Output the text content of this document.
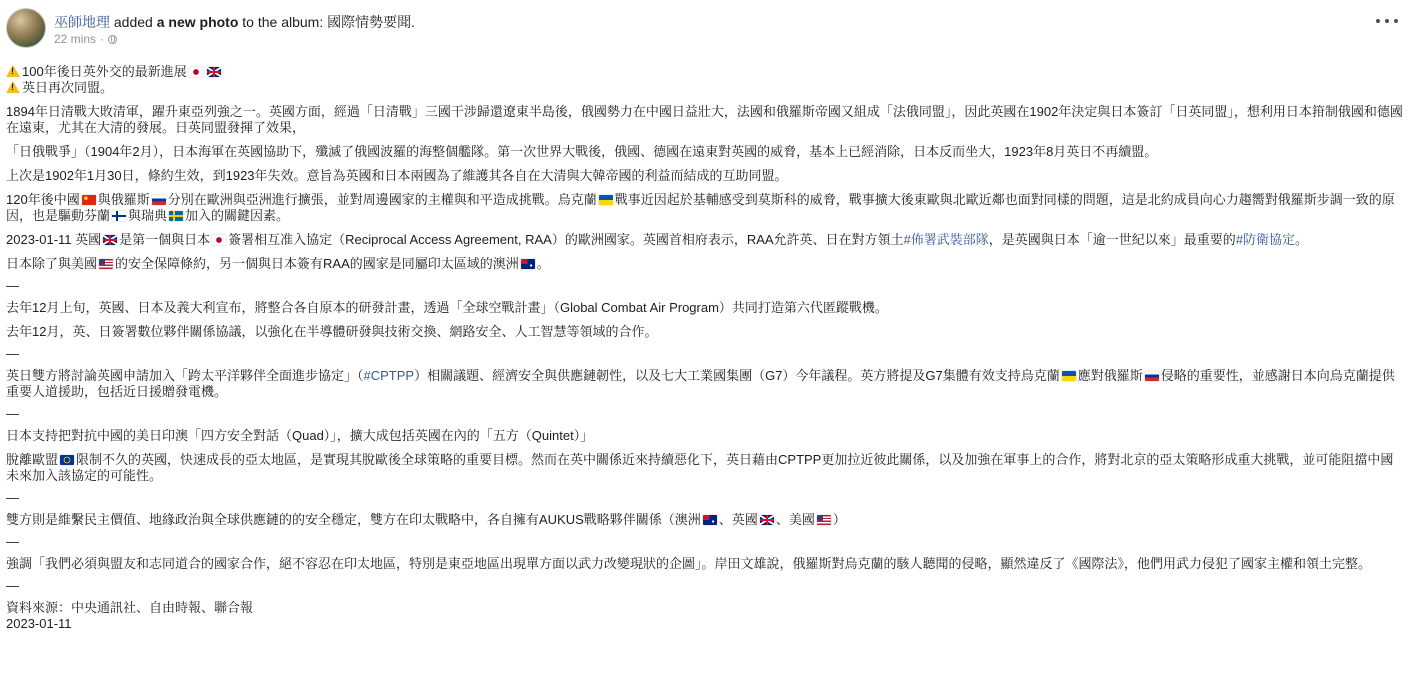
巫師地理 added a new photo to the album: 國際情勢要聞.
22 mins ·

!100年後日英外交的最新進展

!英日再次同盟。

1894年日清戰大敗清軍，躍升東亞列強之一。英國方面，經過「日清戰」三國干涉歸還遼東半島後，俄國勢力在中國日益壯大，法國和俄羅斯帝國又組成「法俄同盟」，因此英國在1902年決定與日本簽訂「日英同盟」，想利用日本箝制俄國和德國在遠東，尤其在大清的發展。日英同盟發揮了效果，

「日俄戰爭」（1904年2月），日本海軍在英國協助下，殲滅了俄國波羅的海整個艦隊。第一次世界大戰後，俄國、德國在遠東對英國的威脅，基本上已經消除，日本反而坐大，1923年8月英日不再續盟。

上次是1902年1月30日，條約生效，到1923年失效。意旨為英國和日本兩國為了維護其各自在大清與大韓帝國的利益而結成的互助同盟。

120年後中國 與俄羅斯 分別在歐洲與亞洲進行擴張，並對周邊國家的主權與和平造成挑戰。烏克蘭 戰事近因起於基輔感受到莫斯科的威脅，戰事擴大後東歐與北歐近鄰也面對同樣的問題，這是北約成員向心力趨嚮對俄羅斯步調一致的原因，也是驅動芬蘭 與瑞典 加入的關鍵因素。

2023-01-11 英國 是第一個與日本 簽署相互准入協定（Reciprocal Access Agreement, RAA）的歐洲國家。英國首相府表示，RAA允許英、日在對方領土#佈署武裝部隊，是英國與日本「逾一世紀以來」最重要的#防衛協定。

日本除了與美國 的安全保障條約，另一個與日本簽有RAA的國家是同屬印太區域的澳洲 。

—

去年12月上旬，英國、日本及義大利宣布，將整合各自原本的研發計畫，透過「全球空戰計畫」（Global Combat Air Program）共同打造第六代匿蹤戰機。

去年12月，英、日簽署數位夥伴關係協議，以強化在半導體研發與技術交換、網路安全、人工智慧等領域的合作。

—

英日雙方將討論英國申請加入「跨太平洋夥伴全面進步協定」（#CPTPP）相關議題、經濟安全與供應鏈韌性，以及七大工業國集團（G7）今年議程。英方將提及G7集體有效支持烏克蘭 應對俄羅斯 侵略的重要性，並感謝日本向烏克蘭提供重要人道援助，包括近日援贈發電機。

—

日本支持把對抗中國的美日印澳「四方安全對話（Quad）」，擴大成包括英國在內的「五方（Quintet）」

脫離歐盟 限制不久的英國，快速成長的亞太地區，是實現其脫歐後全球策略的重要目標。然而在英中關係近來持續惡化下，英日藉由CPTPP更加拉近彼此關係，以及加強在軍事上的合作，將對北京的亞太策略形成重大挑戰，並可能阻擋中國未來加入該協定的可能性。

—

雙方則是維繫民主價值、地緣政治與全球供應鏈的的安全穩定，雙方在印太戰略中，各自擁有AUKUS戰略夥伴關係（澳洲 、英國 、美國 ）

—

強調「我們必須與盟友和志同道合的國家合作，絕不容忍在印太地區，特別是東亞地區出現單方面以武力改變現狀的企圖」。岸田文雄說，俄羅斯對烏克蘭的駭人聽聞的侵略，顯然違反了《國際法》，他們用武力侵犯了國家主權和領土完整。

—

資料來源：中央通訊社、自由時報、聯合報

2023-01-11
